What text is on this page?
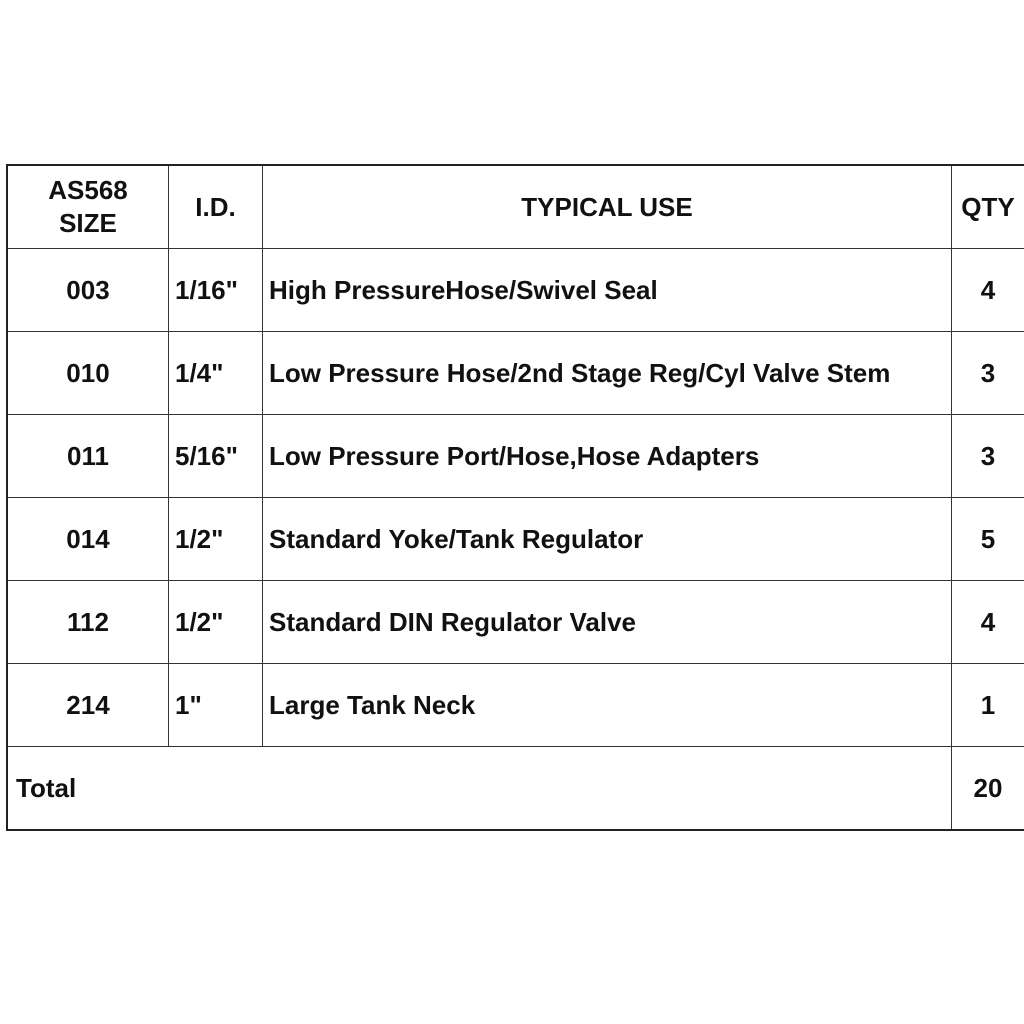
AS568
SIZE	I.D.	TYPICAL USE	QTY
003	1/16"	High PressureHose/Swivel Seal	4
010	1/4"	Low Pressure Hose/2nd Stage Reg/Cyl Valve Stem	3
011	5/16"	Low Pressure Port/Hose,Hose Adapters	3
014	1/2"	Standard Yoke/Tank Regulator	5
112	1/2"	Standard DIN Regulator Valve	4
214	1"	Large Tank Neck	1
Total			20
